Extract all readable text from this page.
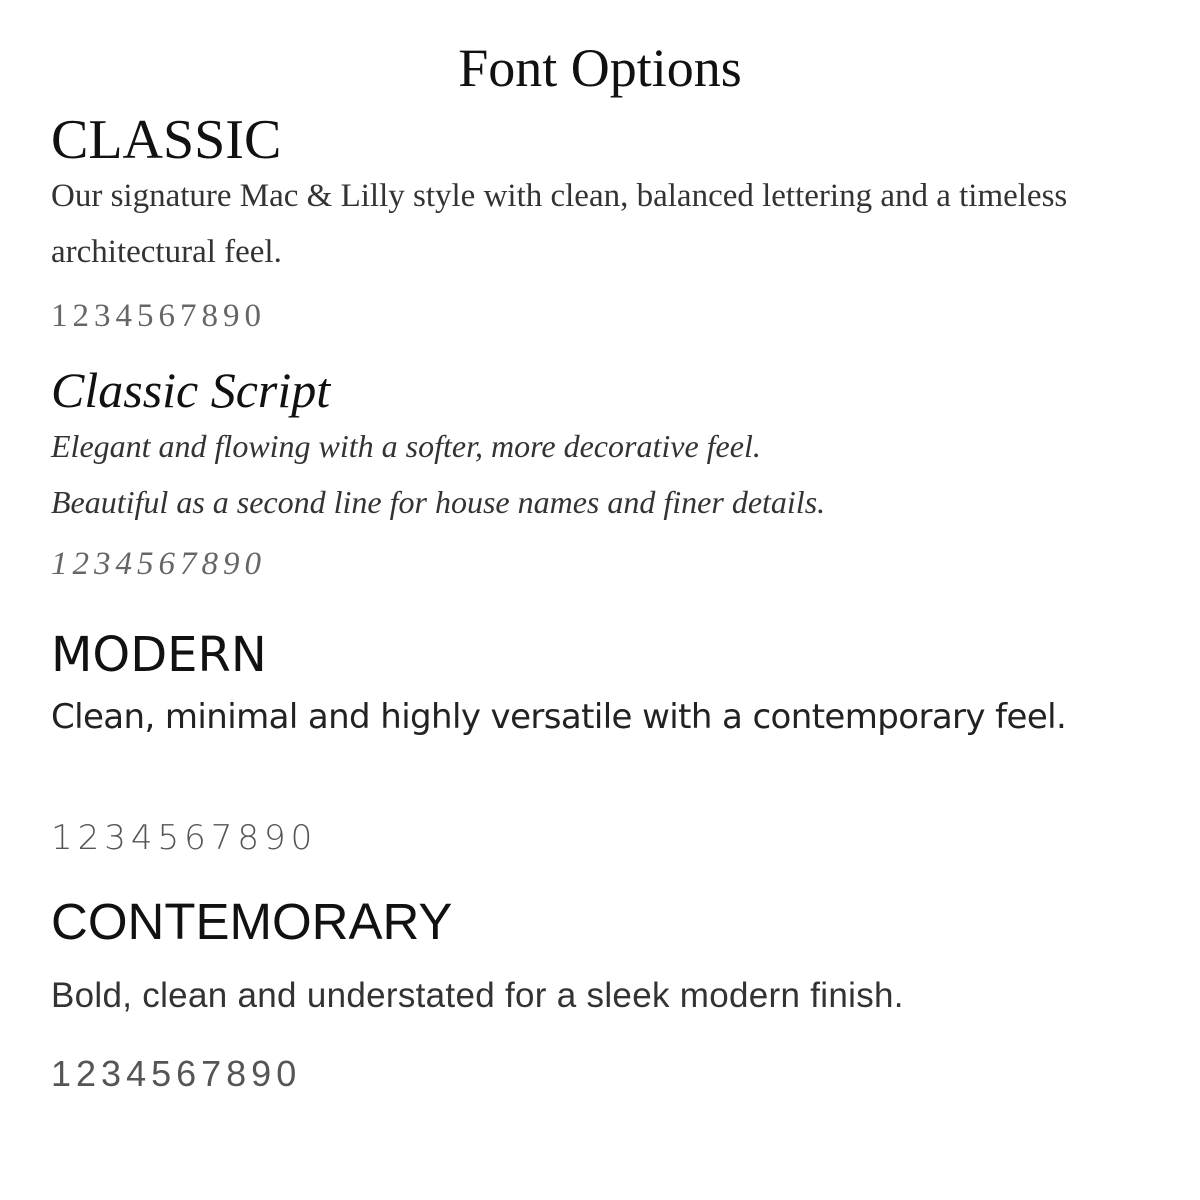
Font Options
CLASSIC
Our signature Mac & Lilly style with clean, balanced lettering and a timeless architectural feel.
1234567890
Classic Script
Elegant and flowing with a softer, more decorative feel.
Beautiful as a second line for house names and finer details.
1234567890
MODERN
Clean, minimal and highly versatile with a contemporary feel.
1234567890
CONTEMORARY
Bold, clean and understated for a sleek modern finish.
1234567890
